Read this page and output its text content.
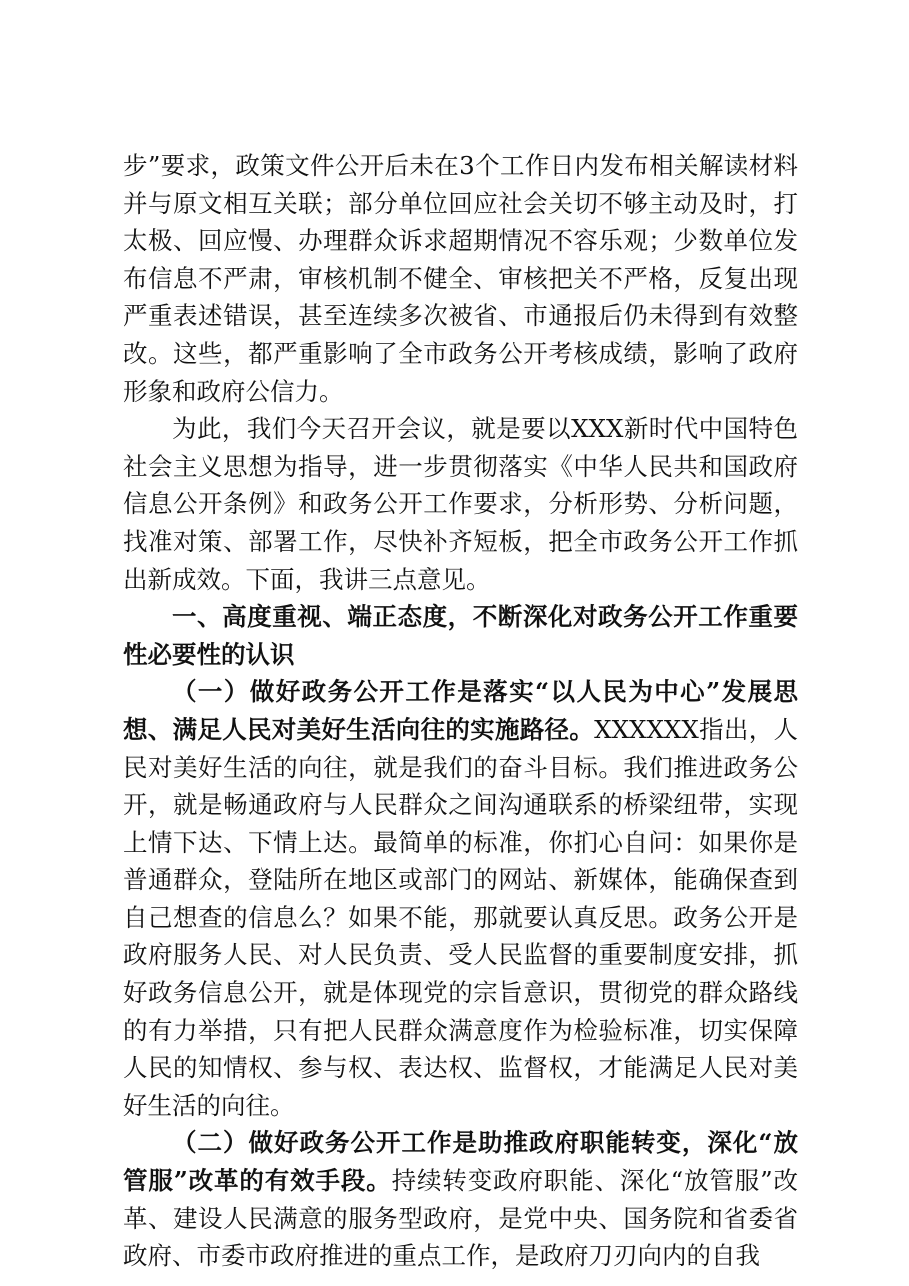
步”要求，政策文件公开后未在3个工作日内发布相关解读材料并与原文相互关联；部分单位回应社会关切不够主动及时，打太极、回应慢、办理群众诉求超期情况不容乐观；少数单位发布信息不严肃，审核机制不健全、审核把关不严格，反复出现严重表述错误，甚至连续多次被省、市通报后仍未得到有效整改。这些，都严重影响了全市政务公开考核成绩，影响了政府形象和政府公信力。

为此，我们今天召开会议，就是要以XXX新时代中国特色社会主义思想为指导，进一步贯彻落实《中华人民共和国政府信息公开条例》和政务公开工作要求，分析形势、分析问题，找准对策、部署工作，尽快补齐短板，把全市政务公开工作抓出新成效。下面，我讲三点意见。

一、高度重视、端正态度，不断深化对政务公开工作重要性必要性的认识

（一）做好政务公开工作是落实“以人民为中心”发展思想、满足人民对美好生活向往的实施路径。XXXXXX指出，人民对美好生活的向往，就是我们的奋斗目标。我们推进政务公开，就是畅通政府与人民群众之间沟通联系的桥梁纽带，实现上情下达、下情上达。最简单的标准，你扪心自问：如果你是普通群众，登陆所在地区或部门的网站、新媒体，能确保查到自己想查的信息么？如果不能，那就要认真反思。政务公开是政府服务人民、对人民负责、受人民监督的重要制度安排，抓好政务信息公开，就是体现党的宗旨意识，贯彻党的群众路线的有力举措，只有把人民群众满意度作为检验标准，切实保障人民的知情权、参与权、表达权、监督权，才能满足人民对美好生活的向往。

（二）做好政务公开工作是助推政府职能转变，深化“放管服”改革的有效手段。持续转变政府职能、深化“放管服”改革、建设人民满意的服务型政府，是党中央、国务院和省委省政府、市委市政府推进的重点工作，是政府刀刃向内的自我
